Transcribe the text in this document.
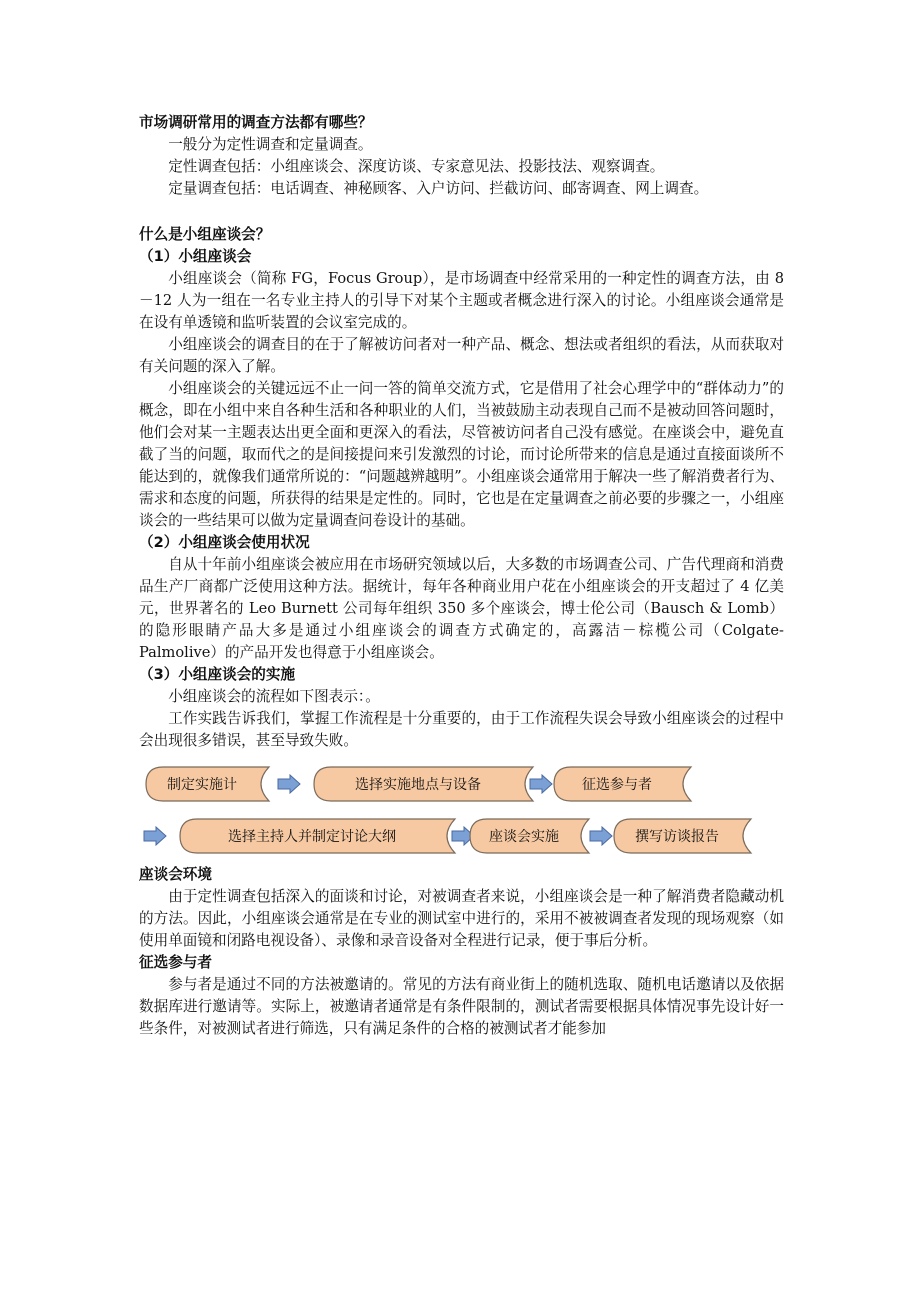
市场调研常用的调查方法都有哪些？
一般分为定性调查和定量调查。
定性调查包括：小组座谈会、深度访谈、专家意见法、投影技法、观察调查。
定量调查包括：电话调查、神秘顾客、入户访问、拦截访问、邮寄调查、网上调查。
什么是小组座谈会？
（1）小组座谈会

小组座谈会（简称 FG，Focus Group），是市场调查中经常采用的一种定性的调查方法，由 8－12 人为一组在一名专业主持人的引导下对某个主题或者概念进行深入的讨论。小组座谈会通常是在设有单透镜和监听装置的会议室完成的。

小组座谈会的调查目的在于了解被访问者对一种产品、概念、想法或者组织的看法，从而获取对有关问题的深入了解。

小组座谈会的关键远远不止一问一答的简单交流方式，它是借用了社会心理学中的“群体动力”的概念，即在小组中来自各种生活和各种职业的人们，当被鼓励主动表现自己而不是被动回答问题时，他们会对某一主题表达出更全面和更深入的看法，尽管被访问者自己没有感觉。在座谈会中，避免直截了当的问题，取而代之的是间接提问来引发激烈的讨论，而讨论所带来的信息是通过直接面谈所不能达到的，就像我们通常所说的：“问题越辨越明”。小组座谈会通常用于解决一些了解消费者行为、需求和态度的问题，所获得的结果是定性的。同时，它也是在定量调查之前必要的步骤之一，小组座谈会的一些结果可以做为定量调查问卷设计的基础。

（2）小组座谈会使用状况

自从十年前小组座谈会被应用在市场研究领域以后，大多数的市场调查公司、广告代理商和消费品生产厂商都广泛使用这种方法。据统计，每年各种商业用户花在小组座谈会的开支超过了 4 亿美元，世界著名的 Leo Burnett 公司每年组织 350 多个座谈会，博士伦公司（Bausch & Lomb）的隐形眼睛产品大多是通过小组座谈会的调查方式确定的，高露洁－棕榄公司（Colgate-Palmolive）的产品开发也得意于小组座谈会。

（3）小组座谈会的实施

小组座谈会的流程如下图表示：。

工作实践告诉我们，掌握工作流程是十分重要的，由于工作流程失误会导致小组座谈会的过程中会出现很多错误，甚至导致失败。

制定实施计	选择实施地点与设备	征选参与者
选择主持人并制定讨论大纲	座谈会实施	撰写访谈报告
座谈会环境

由于定性调查包括深入的面谈和讨论，对被调查者来说，小组座谈会是一种了解消费者隐藏动机的方法。因此，小组座谈会通常是在专业的测试室中进行的，采用不被被调查者发现的现场观察（如使用单面镜和闭路电视设备）、录像和录音设备对全程进行记录，便于事后分析。

征选参与者

参与者是通过不同的方法被邀请的。常见的方法有商业街上的随机选取、随机电话邀请以及依据数据库进行邀请等。实际上，被邀请者通常是有条件限制的，测试者需要根据具体情况事先设计好一些条件，对被测试者进行筛选，只有满足条件的合格的被测试者才能参加
